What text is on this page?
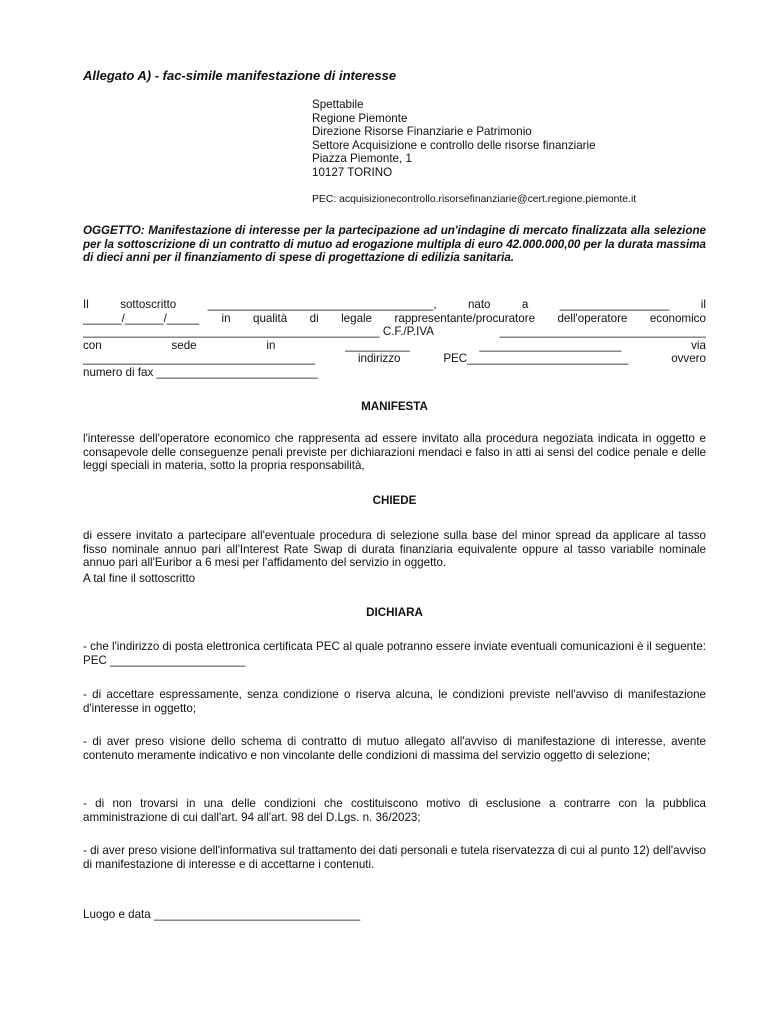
Allegato A) - fac-simile manifestazione di interesse
Spettabile
Regione Piemonte
Direzione Risorse Finanziarie e Patrimonio
Settore Acquisizione e controllo delle risorse finanziarie
Piazza Piemonte, 1
10127 TORINO
PEC: acquisizionecontrollo.risorsefinanziarie@cert.regione.piemonte.it
OGGETTO: Manifestazione di interesse per la partecipazione ad un'indagine di mercato finalizzata alla selezione per la sottoscrizione di un contratto di mutuo ad erogazione multipla di euro 42.000.000,00 per la durata massima di dieci anni per il finanziamento di spese di progettazione di edilizia sanitaria.
Il	sottoscritto	___________________________________,	nato	a	_________________	il
______/______/_____ in qualità di legale rappresentante/procuratore dell'operatore economico
______________________________________________ C.F./P.IVA	________________________________
con	sede	in	__________	______________________	via
____________________________________	indirizzo	PEC_________________________	ovvero
numero di fax _________________________
MANIFESTA
l'interesse dell'operatore economico che rappresenta ad essere invitato alla procedura negoziata indicata in oggetto e consapevole delle conseguenze penali previste per dichiarazioni mendaci e falso in atti ai sensi del codice penale e delle leggi speciali in materia, sotto la propria responsabilità,
CHIEDE
di essere invitato a partecipare all'eventuale procedura di selezione sulla base del minor spread da applicare al tasso fisso nominale annuo pari all'Interest Rate Swap di durata finanziaria equivalente oppure al tasso variabile nominale annuo pari all'Euribor a 6 mesi per l'affidamento del servizio in oggetto.
A tal fine il sottoscritto
DICHIARA
- che l'indirizzo di posta elettronica certificata PEC al quale potranno essere inviate eventuali comunicazioni è il seguente: PEC _____________________
- di accettare espressamente, senza condizione o riserva alcuna, le condizioni previste nell'avviso di manifestazione d'interesse in oggetto;
- di aver preso visione dello schema di contratto di mutuo allegato all'avviso di manifestazione di interesse, avente contenuto meramente indicativo e non vincolante delle condizioni di massima del servizio oggetto di selezione;
- di non trovarsi in una delle condizioni che costituiscono motivo di esclusione a contrarre con la pubblica amministrazione di cui dall'art. 94 all'art. 98 del D.Lgs. n. 36/2023;
- di aver preso visione dell'informativa sul trattamento dei dati personali e tutela riservatezza di cui al punto 12) dell'avviso di manifestazione di interesse e di accettarne i contenuti.
Luogo e data ________________________________
